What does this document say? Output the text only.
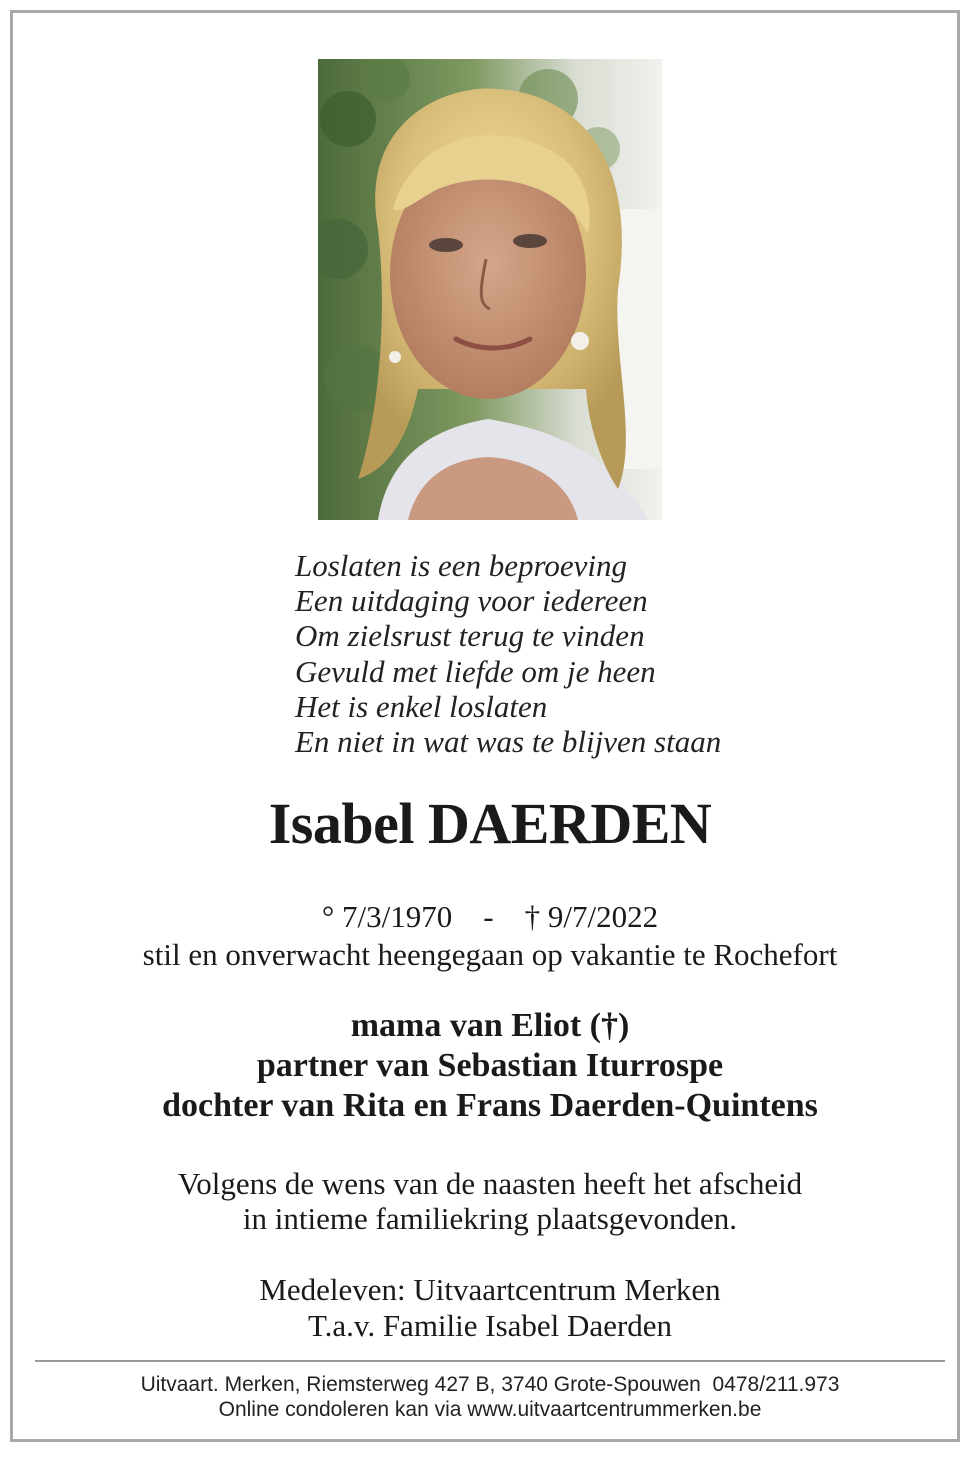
Loslaten is een beproeving
Een uitdaging voor iedereen
Om zielsrust terug te vinden
Gevuld met liefde om je heen
Het is enkel loslaten
En niet in wat was te blijven staan
Isabel DAERDEN
° 7/3/1970    -    † 9/7/2022
stil en onverwacht heengegaan op vakantie te Rochefort
mama van Eliot (†)
partner van Sebastian Iturrospe
dochter van Rita en Frans Daerden-Quintens
Volgens de wens van de naasten heeft het afscheid
in intieme familiekring plaatsgevonden.
Medeleven: Uitvaartcentrum Merken
T.a.v. Familie Isabel Daerden
Uitvaart. Merken, Riemsterweg 427 B, 3740 Grote-Spouwen  0478/211.973
Online condoleren kan via www.uitvaartcentrummerken.be
